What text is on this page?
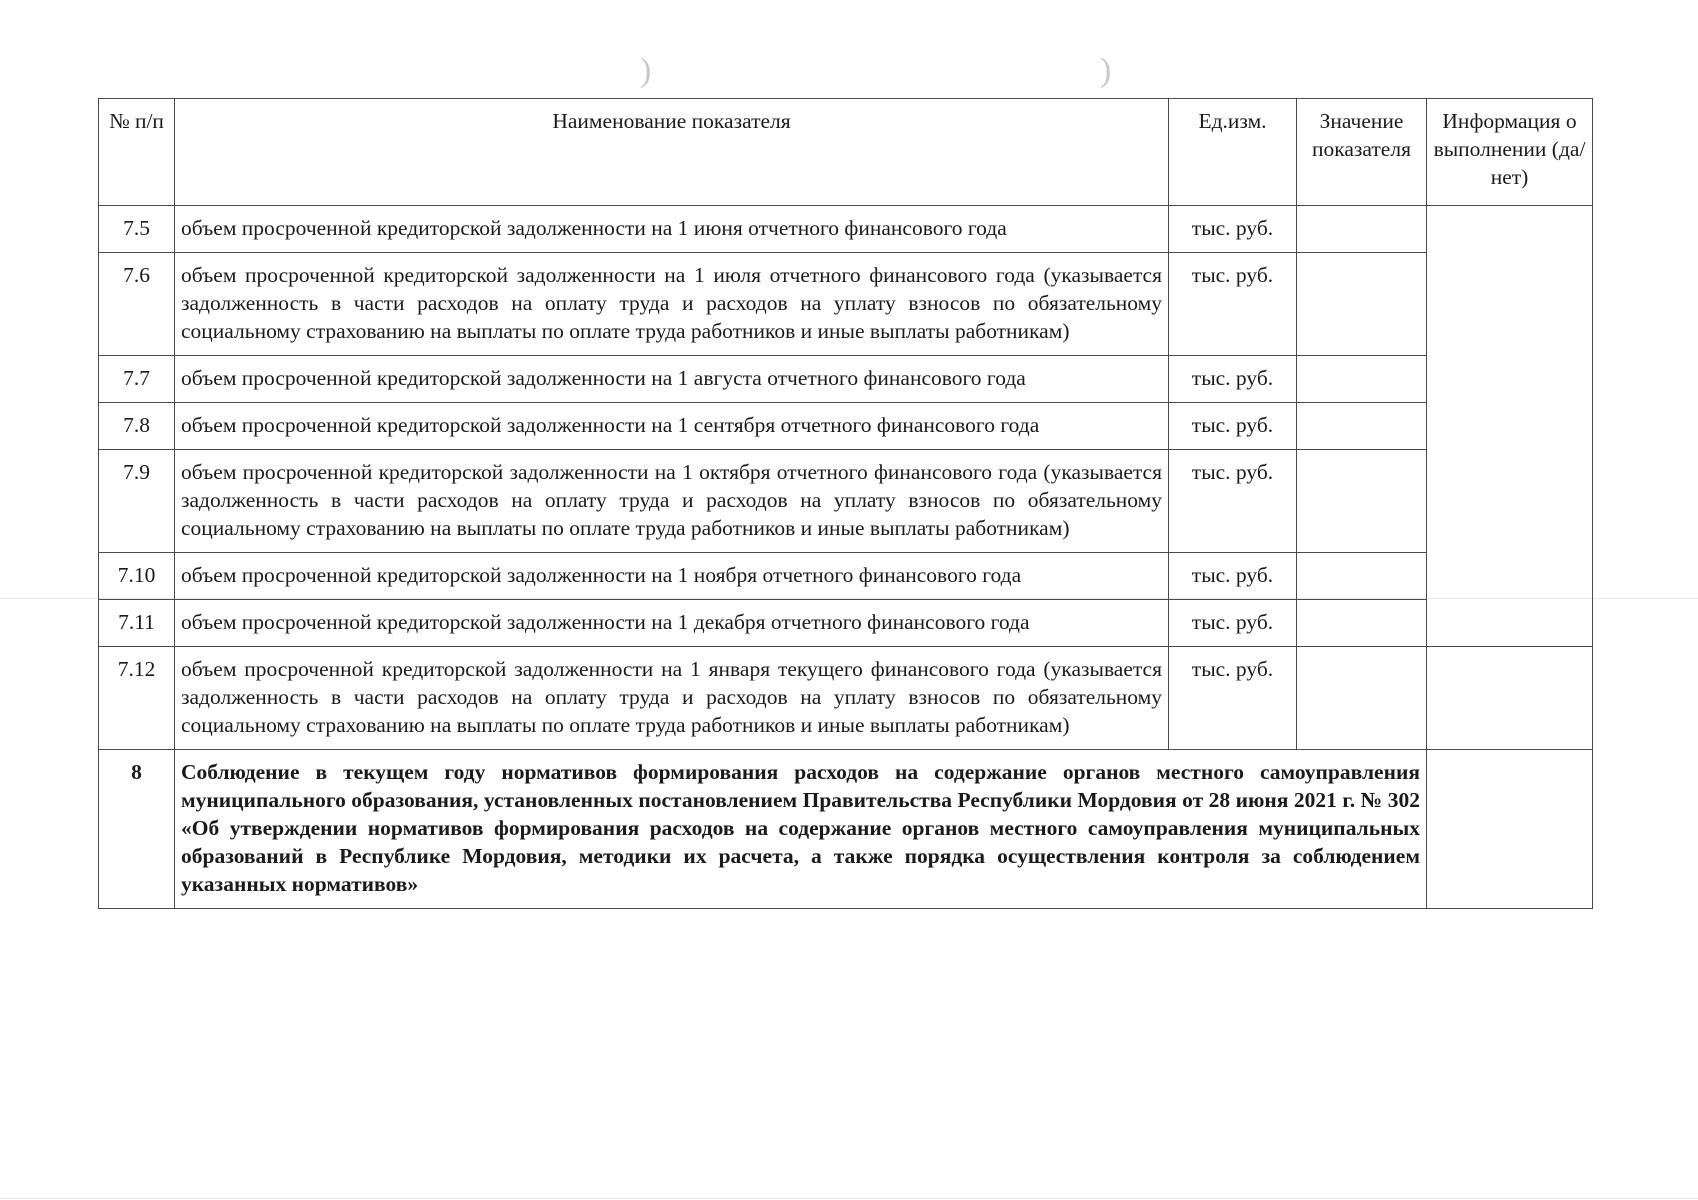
)	)
№ п/п	Наименование показателя	Ед.изм.	Значение показателя	Информация о выполнении (да/ нет)
7.5	объем просроченной кредиторской задолженности на 1 июня отчетного финансового года	тыс. руб.		
7.6	объем просроченной кредиторской задолженности на 1 июля отчетного финансового года (указывается задолженность в части расходов на оплату труда и расходов на уплату взносов по обязательному социальному страхованию на выплаты по оплате труда работников и иные выплаты работникам)	тыс. руб.		
7.7	объем просроченной кредиторской задолженности на 1 августа отчетного финансового года	тыс. руб.		
7.8	объем просроченной кредиторской задолженности на 1 сентября отчетного финансового года	тыс. руб.		
7.9	объем просроченной кредиторской задолженности на 1 октября отчетного финансового года (указывается задолженность в части расходов на оплату труда и расходов на уплату взносов по обязательному социальному страхованию на выплаты по оплате труда работников и иные выплаты работникам)	тыс. руб.		
7.10	объем просроченной кредиторской задолженности на 1 ноября отчетного финансового года	тыс. руб.		
7.11	объем просроченной кредиторской задолженности на 1 декабря отчетного финансового года	тыс. руб.		
7.12	объем просроченной кредиторской задолженности на 1 января текущего финансового года (указывается задолженность в части расходов на оплату труда и расходов на уплату взносов по обязательному социальному страхованию на выплаты по оплате труда работников и иные выплаты работникам)	тыс. руб.		
8	Соблюдение в текущем году нормативов формирования расходов на содержание органов местного самоуправления муниципального образования, установленных постановлением Правительства Республики Мордовия от 28 июня 2021 г. № 302 «Об утверждении нормативов формирования расходов на содержание органов местного самоуправления муниципальных образований в Республике Мордовия, методики их расчета, а также порядка осуществления контроля за соблюдением указанных нормативов»			
